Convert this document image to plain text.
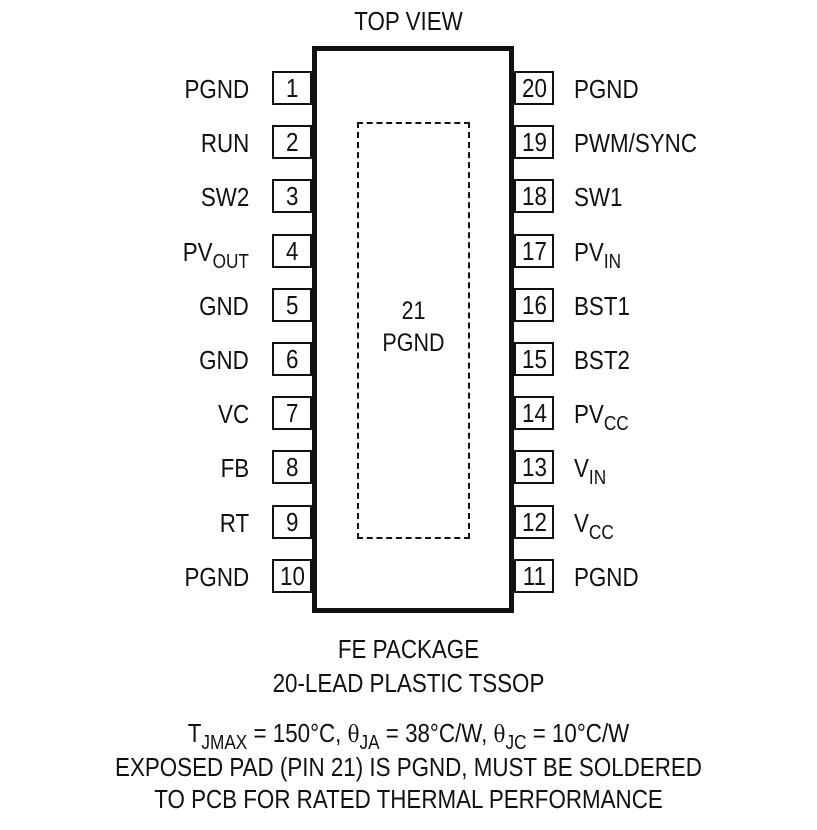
TOP VIEW
21
PGND
1
PGND
2
RUN
3
SW2
4
$PV_{OUT}$
5
GND
6
GND
7
VC
8
FB
9
RT
10
PGND
20 PGND
19 PWM/SYNC
18 SW1
17 $PV_{IN}$
16 BST1
15 BST2
14 $PV_{CC}$
13 $V_{IN}$
12 $V_{CC}$
11	PGND
FE PACKAGE
20-LEAD PLASTIC TSSOP
$T_{JMAX} = 150^\circ C$, $\theta_{JA} = 38^\circ C/W$, $\theta_{JC} = 10^\circ C/W$
EXPOSED PAD (PIN 21) IS PGND, MUST BE SOLDERED
TO PCB FOR RATED THERMAL PERFORMANCE
